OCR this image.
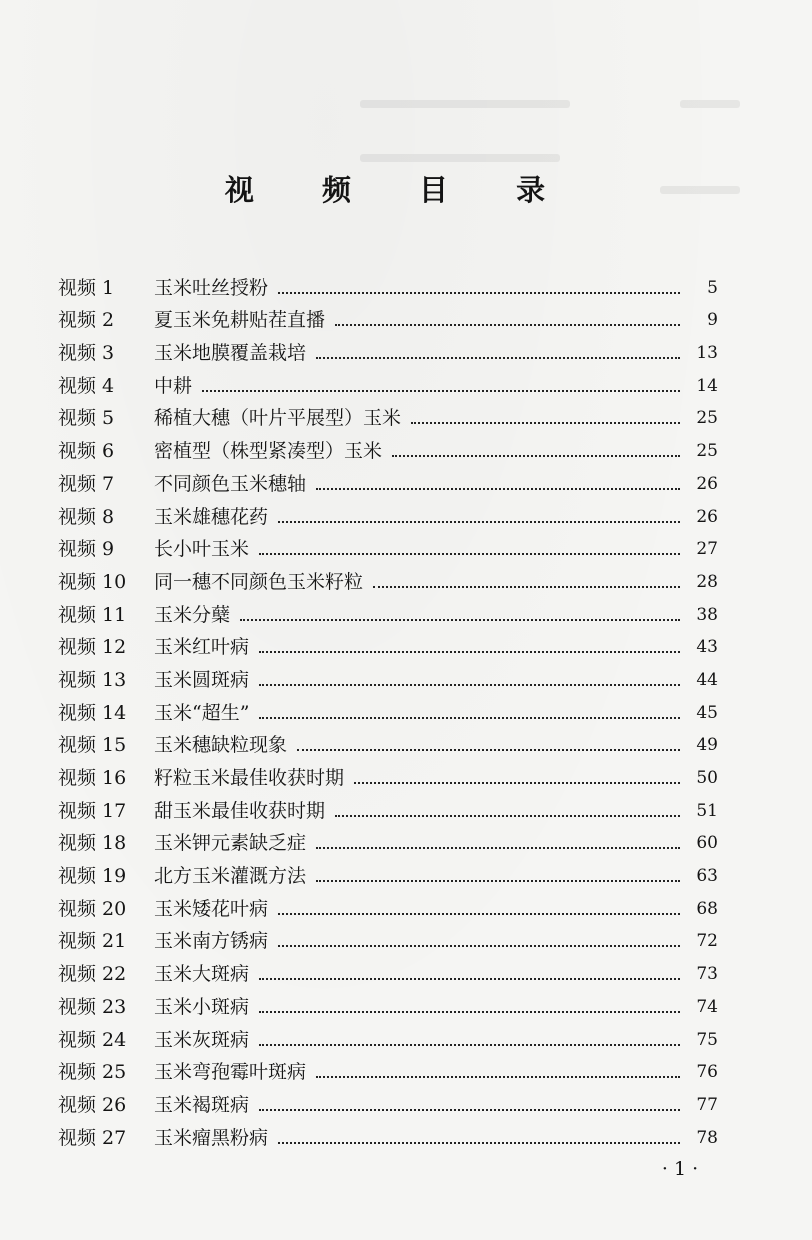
视 频 目 录
视频 1	玉米吐丝授粉	5
视频 2	夏玉米免耕贴茬直播	9
视频 3	玉米地膜覆盖栽培	13
视频 4	中耕	14
视频 5	稀植大穗（叶片平展型）玉米	25
视频 6	密植型（株型紧凑型）玉米	25
视频 7	不同颜色玉米穗轴	26
视频 8	玉米雄穗花药	26
视频 9	长小叶玉米	27
视频 10	同一穗不同颜色玉米籽粒	28
视频 11	玉米分蘖	38
视频 12	玉米红叶病	43
视频 13	玉米圆斑病	44
视频 14	玉米“超生”	45
视频 15	玉米穗缺粒现象	49
视频 16	籽粒玉米最佳收获时期	50
视频 17	甜玉米最佳收获时期	51
视频 18	玉米钾元素缺乏症	60
视频 19	北方玉米灌溉方法	63
视频 20	玉米矮花叶病	68
视频 21	玉米南方锈病	72
视频 22	玉米大斑病	73
视频 23	玉米小斑病	74
视频 24	玉米灰斑病	75
视频 25	玉米弯孢霉叶斑病	76
视频 26	玉米褐斑病	77
视频 27	玉米瘤黑粉病	78
· 1 ·
